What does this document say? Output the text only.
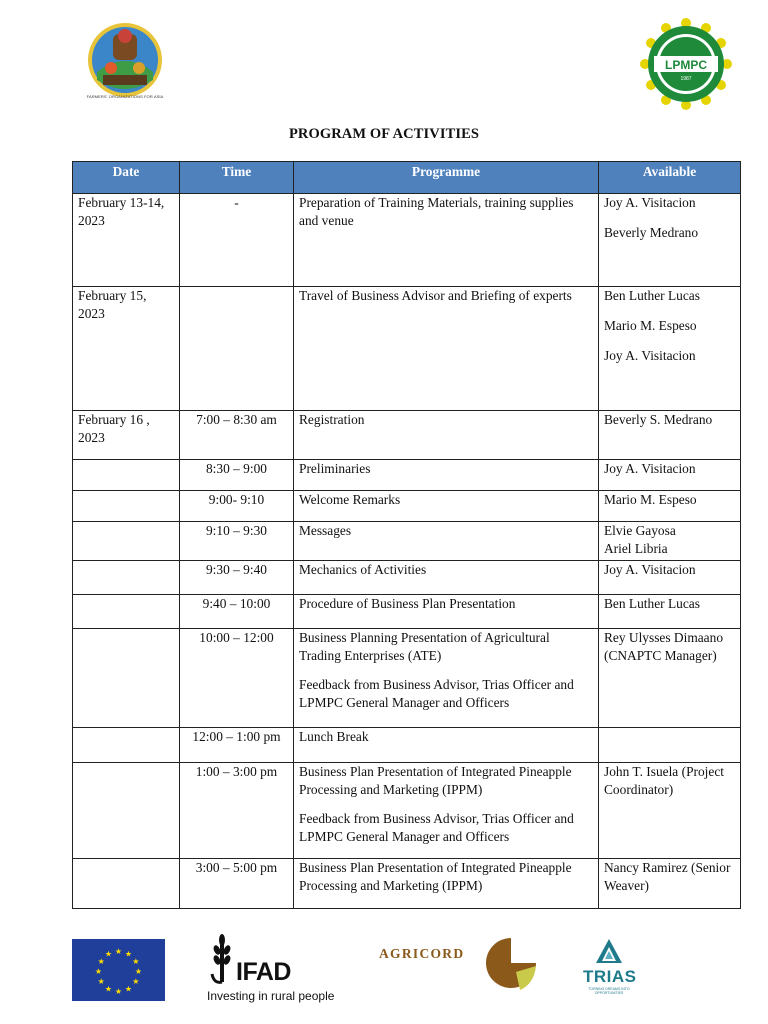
FARMERS' ORGANIZATIONS FOR ASIA
LPMPC
1987
PROGRAM OF ACTIVITIES
Date	Time	Programme	Available
February 13-14, 2023	-	Preparation of Training Materials, training supplies and venue	Joy A. Visitacion
Beverly Medrano

February 15, 2023		Travel of Business Advisor and Briefing of experts	Ben Luther Lucas
Mario M. Espeso
Joy A. Visitacion

February 16 , 2023	7:00 – 8:30 am	Registration	Beverly S. Medrano

	8:30 – 9:00	Preliminaries	Joy A. Visitacion

	9:00- 9:10	Welcome Remarks	Mario M. Espeso

	9:10 – 9:30	Messages	Elvie Gayosa
Ariel Libria

	9:30 – 9:40	Mechanics of Activities	Joy A. Visitacion

	9:40 – 10:00	Procedure of Business Plan Presentation	Ben Luther Lucas

	10:00 – 12:00	Business Planning Presentation of Agricultural Trading Enterprises (ATE)
Feedback from Business Advisor, Trias Officer and LPMPC General Manager and Officers	Rey Ulysses Dimaano (CNAPTC Manager)

	12:00 – 1:00 pm	Lunch Break	

	1:00 – 3:00 pm	Business Plan Presentation of Integrated Pineapple Processing and Marketing (IPPM)
Feedback from Business Advisor, Trias Officer and LPMPC General Manager and Officers	John T. Isuela (Project Coordinator)

	3:00 – 5:00 pm	Business Plan Presentation of Integrated Pineapple Processing and Marketing (IPPM)	Nancy Ramirez (Senior Weaver)
★ ★
★
★
★
★
★
★
★
★
★
★
IFAD
Investing in rural people
AGRICORD
TRIAS
TURNING DREAMS INTO OPPORTUNITIES
